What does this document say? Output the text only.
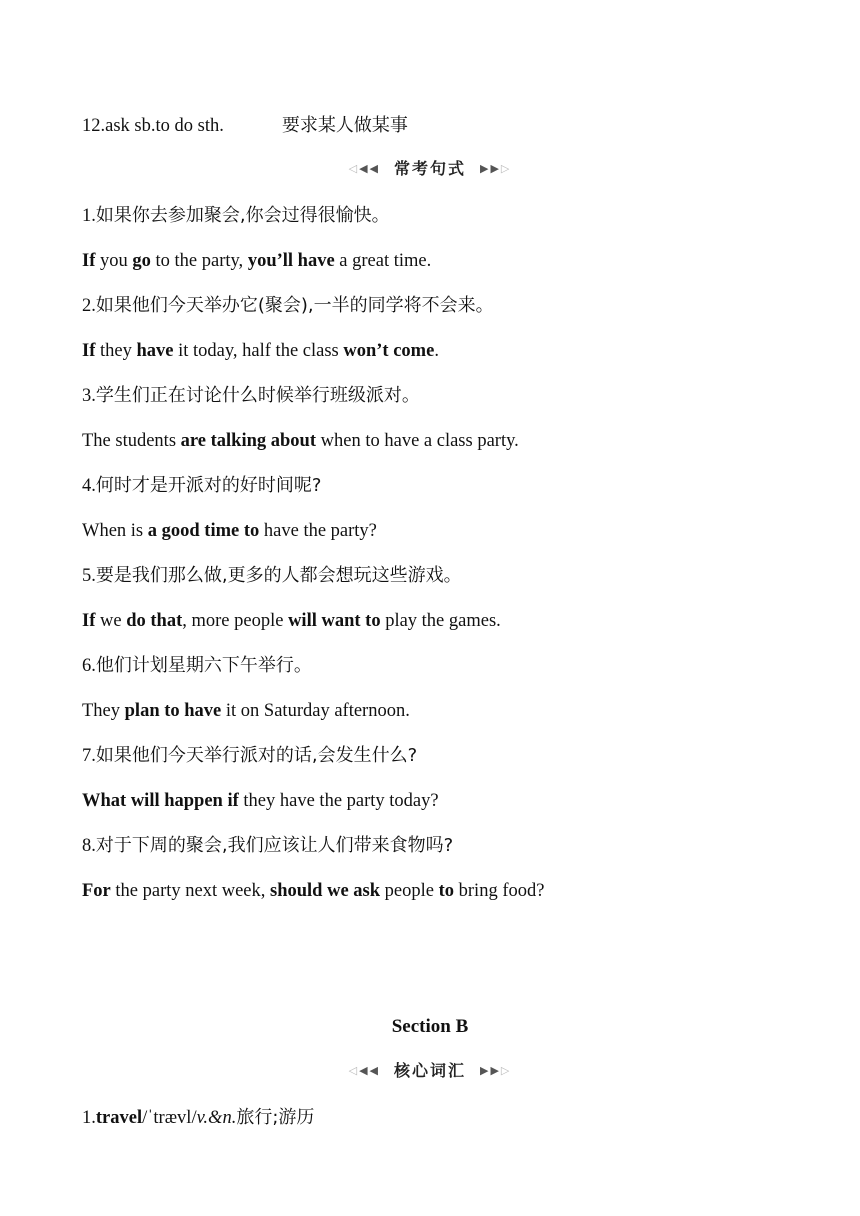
12.ask sb.to do sth.	要求某人做某事
◁◀◀ 常考句式 ▶▶▷
1.如果你去参加聚会,你会过得很愉快。
If you go to the party, you’ll have a great time.
2.如果他们今天举办它(聚会),一半的同学将不会来。
If they have it today, half the class won’t come.
3.学生们正在讨论什么时候举行班级派对。
The students are talking about when to have a class party.
4.何时才是开派对的好时间呢?
When is a good time to have the party?
5.要是我们那么做,更多的人都会想玩这些游戏。
If we do that, more people will want to play the games.
6.他们计划星期六下午举行。
They plan to have it on Saturday afternoon.
7.如果他们今天举行派对的话,会发生什么?
What will happen if they have the party today?
8.对于下周的聚会,我们应该让人们带来食物吗?
For the party next week, should we ask people to bring food?
Section B
◁◀◀ 核心词汇 ▶▶▷
1.travel/ˈtrævl/v.&n.旅行;游历
